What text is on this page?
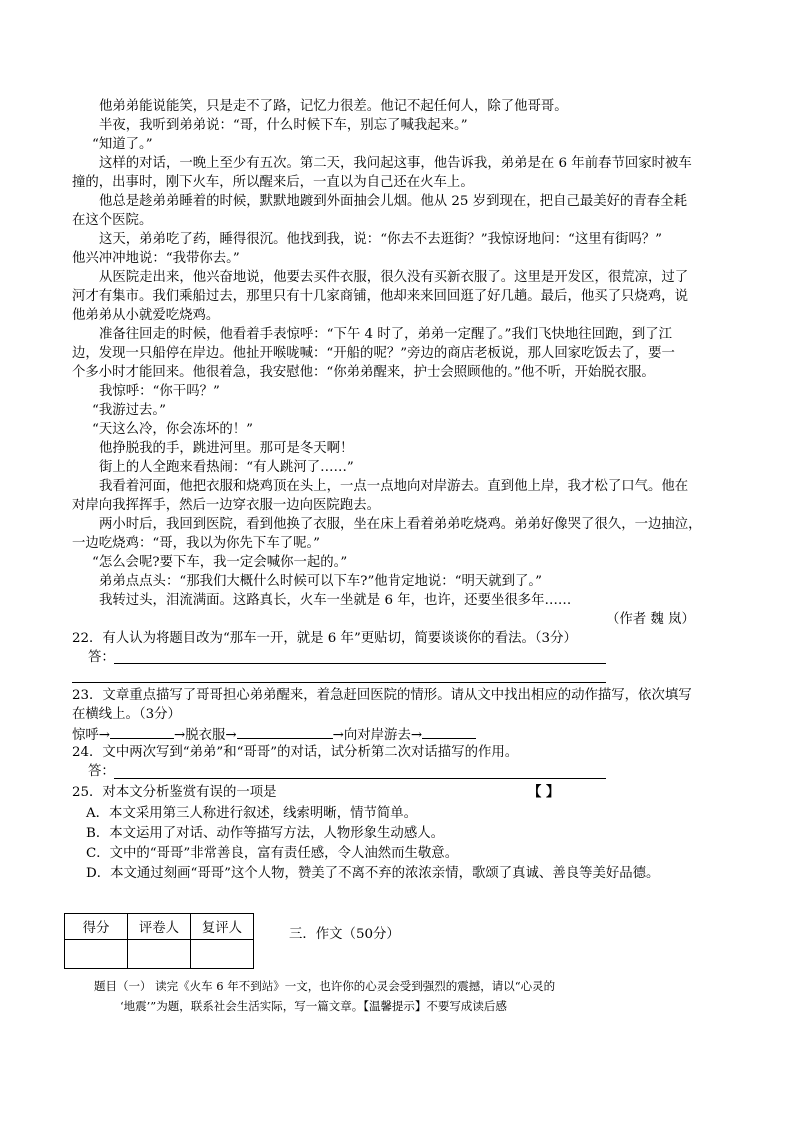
他弟弟能说能笑，只是走不了路，记忆力很差。他记不起任何人，除了他哥哥。
半夜，我听到弟弟说：“哥，什么时候下车，别忘了喊我起来。”
“知道了。”
这样的对话，一晚上至少有五次。第二天，我问起这事，他告诉我，弟弟是在 6 年前春节回家时被车
撞的，出事时，刚下火车，所以醒来后，一直以为自己还在火车上。
他总是趁弟弟睡着的时候，默默地踱到外面抽会儿烟。他从 25 岁到现在，把自己最美好的青春全耗
在这个医院。
这天，弟弟吃了药，睡得很沉。他找到我，说：“你去不去逛街？”我惊讶地问：“这里有街吗？”
他兴冲冲地说：“我带你去。”
从医院走出来，他兴奋地说，他要去买件衣服，很久没有买新衣服了。这里是开发区，很荒凉，过了
河才有集市。我们乘船过去，那里只有十几家商铺，他却来来回回逛了好几趟。最后，他买了只烧鸡，说
他弟弟从小就爱吃烧鸡。
准备往回走的时候，他看着手表惊呼：“下午 4 时了，弟弟一定醒了。”我们飞快地往回跑，到了江
边，发现一只船停在岸边。他扯开喉咙喊：“开船的呢？”旁边的商店老板说，那人回家吃饭去了，要一
个多小时才能回来。他很着急，我安慰他：“你弟弟醒来，护士会照顾他的。”他不听，开始脱衣服。
我惊呼：“你干吗？”
“我游过去。”
“天这么冷，你会冻坏的！”
他挣脱我的手，跳进河里。那可是冬天啊！
街上的人全跑来看热闹：“有人跳河了……”
我看着河面，他把衣服和烧鸡顶在头上，一点一点地向对岸游去。直到他上岸，我才松了口气。他在
对岸向我挥挥手，然后一边穿衣服一边向医院跑去。
两小时后，我回到医院，看到他换了衣服，坐在床上看着弟弟吃烧鸡。弟弟好像哭了很久，一边抽泣，
一边吃烧鸡：“哥，我以为你先下车了呢。”
“怎么会呢?要下车，我一定会喊你一起的。”
弟弟点点头：“那我们大概什么时候可以下车?”他肯定地说：“明天就到了。”
我转过头，泪流满面。这路真长，火车一坐就是 6 年，也许，还要坐很多年……
（作者 魏 岚）
22．有人认为将题目改为“那车一开，就是 6 年”更贴切，简要谈谈你的看法。（3分）
答：
23．文章重点描写了哥哥担心弟弟醒来，着急赶回医院的情形。请从文中找出相应的动作描写，依次填写
在横线上。（3分）
惊呼→	→脱衣服→	→向对岸游去→
24．文中两次写到“弟弟”和“哥哥”的对话，试分析第二次对话描写的作用。
答：
25．对本文分析鉴赏有误的一项是	【 】
A．本文采用第三人称进行叙述，线索明晰，情节简单。
B．本文运用了对话、动作等描写方法，人物形象生动感人。
C．文中的“哥哥”非常善良，富有责任感，令人油然而生敬意。
D．本文通过刻画“哥哥”这个人物，赞美了不离不弃的浓浓亲情，歌颂了真诚、善良等美好品德。
得分	评卷人	复评人
			三．作文（50分）
题目（一） 读完《火车 6 年不到站》一文，也许你的心灵会受到强烈的震撼，请以“心灵的
‘地震’”为题，联系社会生活实际，写一篇文章。【温馨提示】不要写成读后感
